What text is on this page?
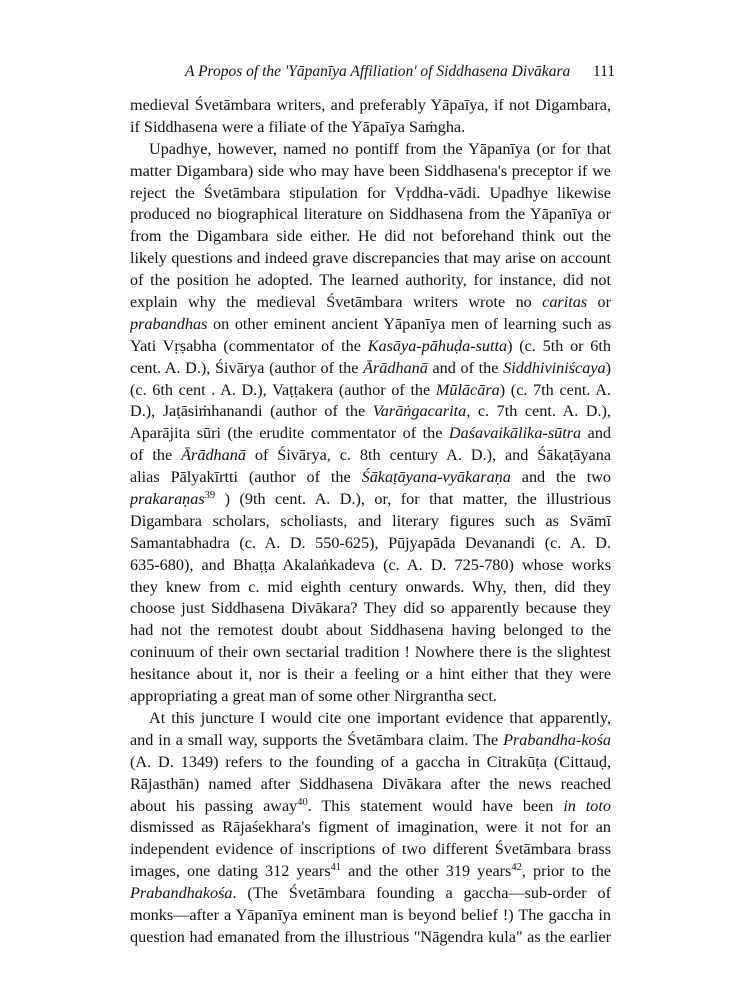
A Propos of the 'Yāpanīya Affiliation' of Siddhasena Divākara 111
medieval Śvetāmbara writers, and preferably Yāpaīya, if not Digambara,
if Siddhasena were a filiate of the Yāpaīya Saṁgha.
Upadhye, however, named no pontiff from the Yāpanīya (or for that
matter Digambara) side who may have been Siddhasena's preceptor if we
reject the Śvetāmbara stipulation for Vṛddha-vādi. Upadhye likewise
produced no biographical literature on Siddhasena from the Yāpanīya or
from the Digambara side either. He did not beforehand think out the
likely questions and indeed grave discrepancies that may arise on account
of the position he adopted. The learned authority, for instance, did not
explain why the medieval Śvetāmbara writers wrote no caritas or
prabandhas on other eminent ancient Yāpanīya men of learning such as
Yati Vṛṣabha (commentator of the Kasāya-pāhuḍa-sutta) (c. 5th or 6th
cent. A. D.), Śivārya (author of the Ārādhanā and of the Siddhiviniścaya)
(c. 6th cent . A. D.), Vaṭṭakera (author of the Mūlācāra) (c. 7th cent. A.
D.), Jaṭāsiṁhanandi (author of the Varāṅgacarita, c. 7th cent. A. D.),
Aparājita sūri (the erudite commentator of the Daśavaikālika-sūtra and
of the Ārādhanā of Śivārya, c. 8th century A. D.), and Śākaṭāyana
alias Pālyakīrtti (author of the Śākaṭāyana-vyākaraṇa and the two
prakaraṇas$^{39}$ ) (9th cent. A. D.), or, for that matter, the illustrious
Digambara scholars, scholiasts, and literary figures such as Svāmī
Samantabhadra (c. A. D. 550-625), Pūjyapāda Devanandi (c. A. D.
635-680), and Bhaṭṭa Akalaṅkadeva (c. A. D. 725-780) whose works
they knew from c. mid eighth century onwards. Why, then, did they
choose just Siddhasena Divākara? They did so apparently because they
had not the remotest doubt about Siddhasena having belonged to the
coninuum of their own sectarial tradition ! Nowhere there is the slightest
hesitance about it, nor is their a feeling or a hint either that they were
appropriating a great man of some other Nirgrantha sect.
At this juncture I would cite one important evidence that apparently,
and in a small way, supports the Śvetāmbara claim. The Prabandha-kośa
(A. D. 1349) refers to the founding of a gaccha in Citrakūṭa (Cittauḍ,
Rājasthān) named after Siddhasena Divākara after the news reached
about his passing away$^{40}$. This statement would have been in toto
dismissed as Rājaśekhara's figment of imagination, were it not for an
independent evidence of inscriptions of two different Śvetāmbara brass
images, one dating 312 years$^{41}$ and the other 319 years$^{42}$, prior to the
Prabandhakośa. (The Śvetāmbara founding a gaccha—sub-order of
monks—after a Yāpanīya eminent man is beyond belief !) The gaccha in
question had emanated from the illustrious "Nāgendra kula" as the earlier
